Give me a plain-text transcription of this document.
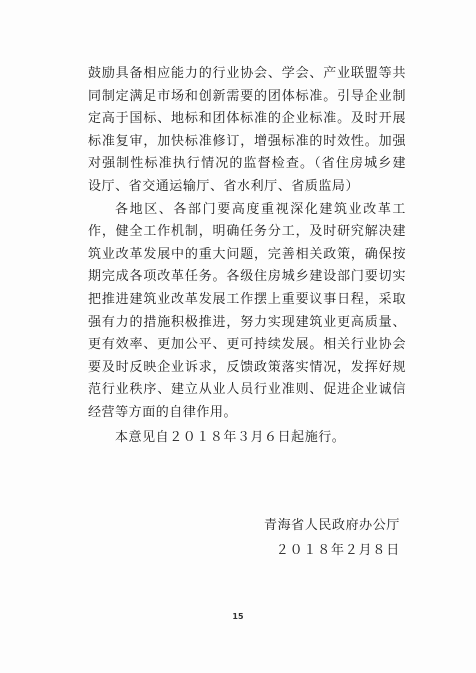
鼓励具备相应能力的行业协会、学会、产业联盟等共同制定满足市场和创新需要的团体标准。引导企业制定高于国标、地标和团体标准的企业标准。及时开展标准复审，加快标准修订，增强标准的时效性。加强对强制性标准执行情况的监督检查。（省住房城乡建设厅、省交通运输厅、省水利厅、省质监局）

各地区、各部门要高度重视深化建筑业改革工作，健全工作机制，明确任务分工，及时研究解决建筑业改革发展中的重大问题，完善相关政策，确保按期完成各项改革任务。各级住房城乡建设部门要切实把推进建筑业改革发展工作摆上重要议事日程，采取强有力的措施积极推进，努力实现建筑业更高质量、更有效率、更加公平、更可持续发展。相关行业协会要及时反映企业诉求，反馈政策落实情况，发挥好规范行业秩序、建立从业人员行业准则、促进企业诚信经营等方面的自律作用。

本意见自２０１８年３月６日起施行。

青海省人民政府办公厅
２０１８年２月８日
15
